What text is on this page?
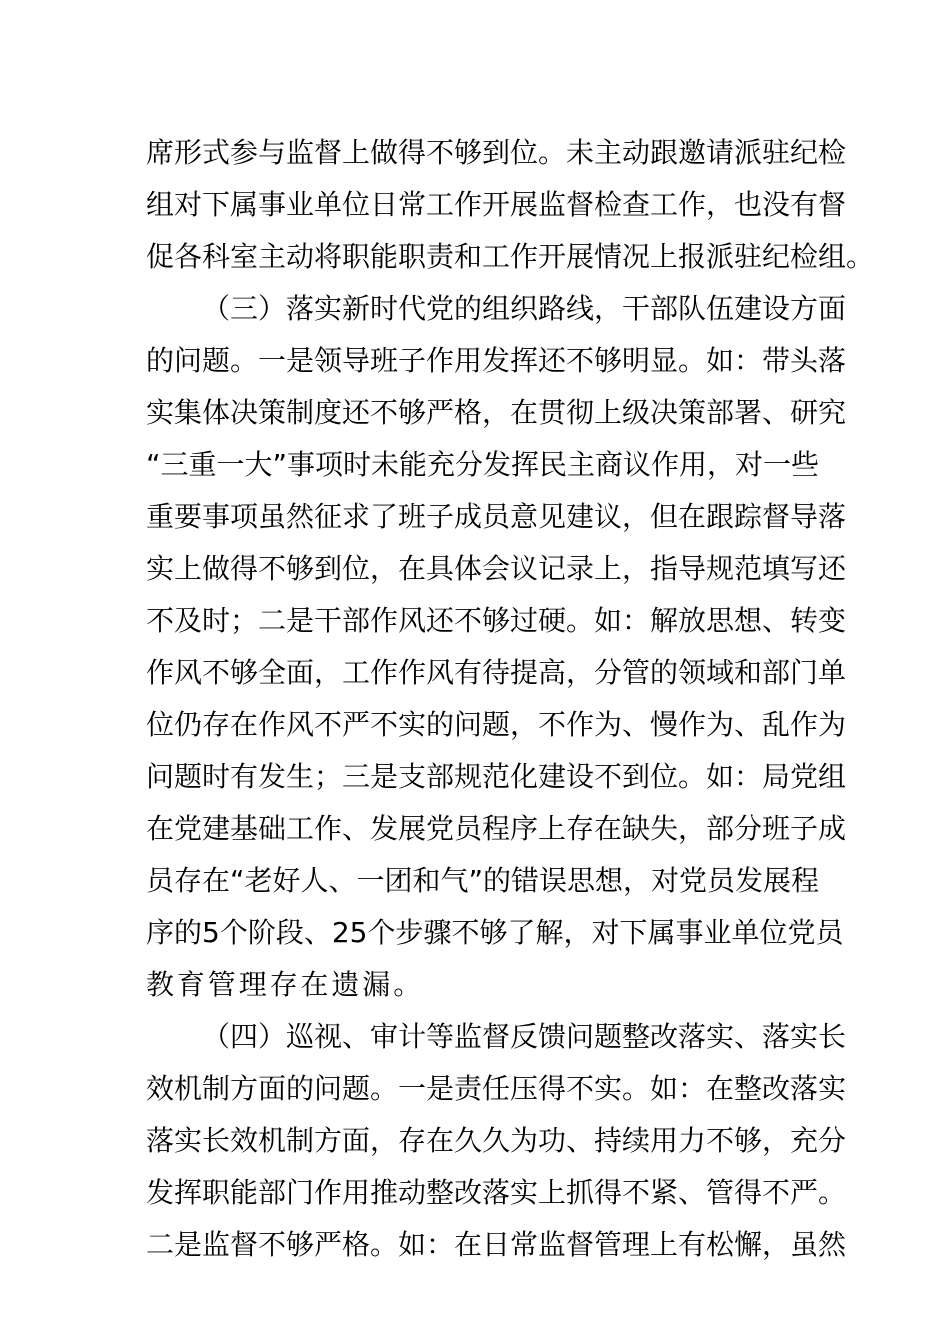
席形式参与监督上做得不够到位。未主动跟邀请派驻纪检
组对下属事业单位日常工作开展监督检查工作，也没有督
促各科室主动将职能职责和工作开展情况上报派驻纪检组。
（三）落实新时代党的组织路线，干部队伍建设方面
的问题。一是领导班子作用发挥还不够明显。如：带头落
实集体决策制度还不够严格，在贯彻上级决策部署、研究
“三重一大”事项时未能充分发挥民主商议作用，对一些
重要事项虽然征求了班子成员意见建议，但在跟踪督导落
实上做得不够到位，在具体会议记录上，指导规范填写还
不及时；二是干部作风还不够过硬。如：解放思想、转变
作风不够全面，工作作风有待提高，分管的领域和部门单
位仍存在作风不严不实的问题，不作为、慢作为、乱作为
问题时有发生；三是支部规范化建设不到位。如：局党组
在党建基础工作、发展党员程序上存在缺失，部分班子成
员存在“老好人、一团和气”的错误思想，对党员发展程
序的5个阶段、25个步骤不够了解，对下属事业单位党员
教育管理存在遗漏。
（四）巡视、审计等监督反馈问题整改落实、落实长
效机制方面的问题。一是责任压得不实。如：在整改落实
落实长效机制方面，存在久久为功、持续用力不够，充分
发挥职能部门作用推动整改落实上抓得不紧、管得不严。
二是监督不够严格。如：在日常监督管理上有松懈，虽然
